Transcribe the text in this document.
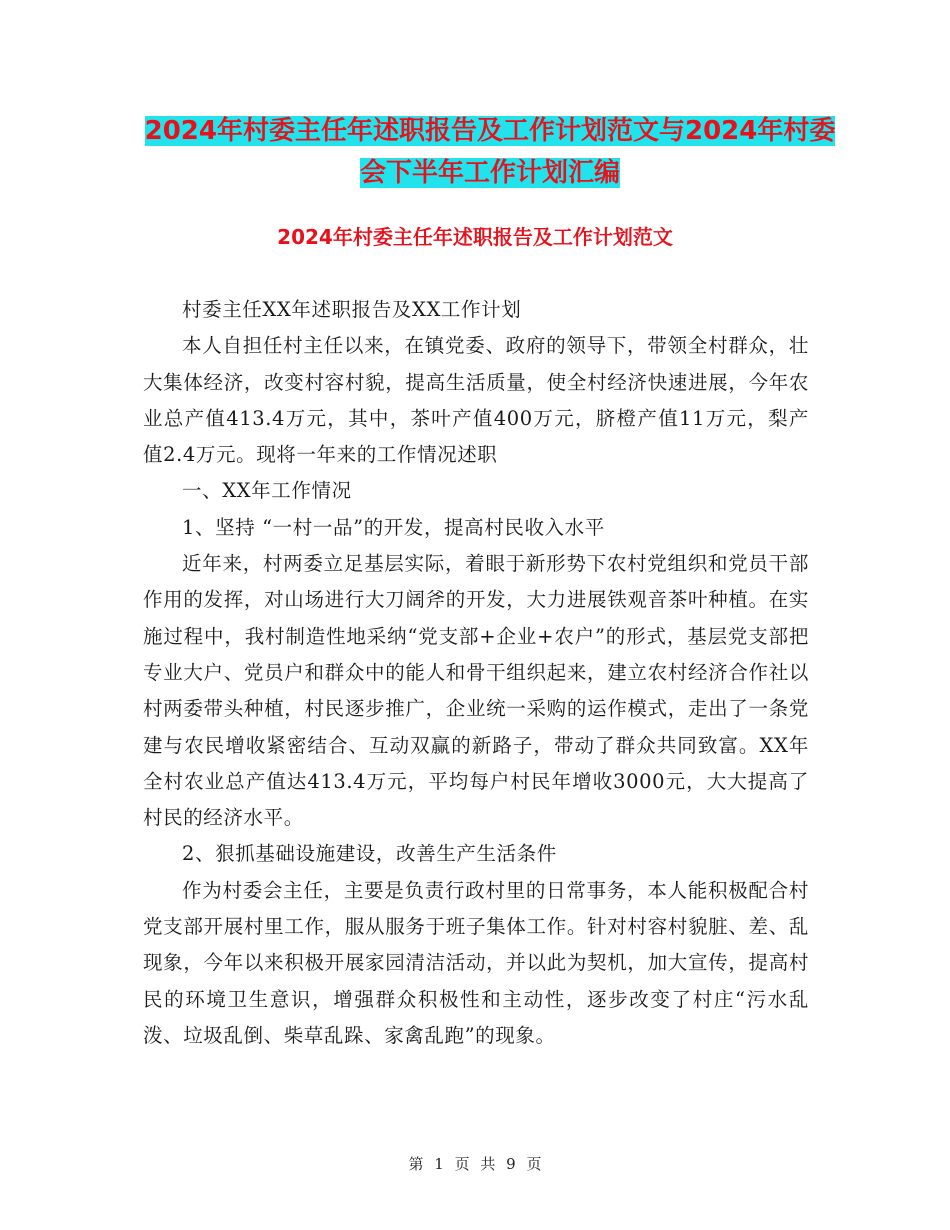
2024年村委主任年述职报告及工作计划范文与2024年村委会下半年工作计划汇编
2024年村委主任年述职报告及工作计划范文

村委主任XX年述职报告及XX工作计划

本人自担任村主任以来，在镇党委、政府的领导下，带领全村群众，壮大集体经济，改变村容村貌，提高生活质量，使全村经济快速进展，今年农业总产值413.4万元，其中，茶叶产值400万元，脐橙产值11万元，梨产值2.4万元。现将一年来的工作情况述职

一、XX年工作情况

1、坚持 “一村一品”的开发，提高村民收入水平

近年来，村两委立足基层实际，着眼于新形势下农村党组织和党员干部作用的发挥，对山场进行大刀阔斧的开发，大力进展铁观音茶叶种植。在实施过程中，我村制造性地采纳“党支部+企业+农户”的形式，基层党支部把专业大户、党员户和群众中的能人和骨干组织起来，建立农村经济合作社以村两委带头种植，村民逐步推广，企业统一采购的运作模式，走出了一条党建与农民增收紧密结合、互动双赢的新路子，带动了群众共同致富。XX年全村农业总产值达413.4万元，平均每户村民年增收3000元，大大提高了村民的经济水平。

2、狠抓基础设施建设，改善生产生活条件

作为村委会主任，主要是负责行政村里的日常事务，本人能积极配合村党支部开展村里工作，服从服务于班子集体工作。针对村容村貌脏、差、乱现象，今年以来积极开展家园清洁活动，并以此为契机，加大宣传，提高村民的环境卫生意识，增强群众积极性和主动性，逐步改变了村庄“污水乱泼、垃圾乱倒、柴草乱跺、家禽乱跑”的现象。

第 1 页 共 9 页
